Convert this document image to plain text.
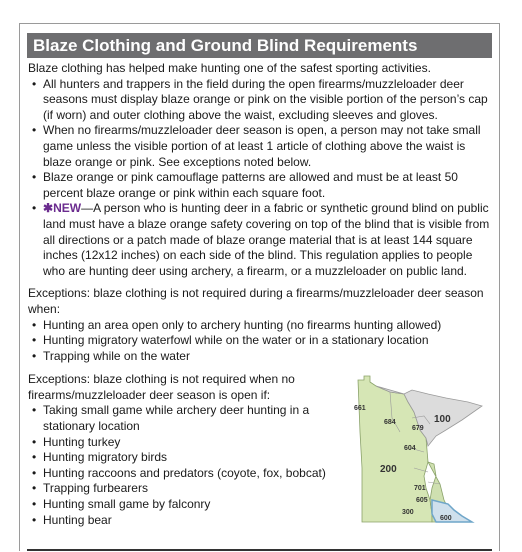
Blaze Clothing and Ground Blind Requirements

Blaze clothing has helped make hunting one of the safest sporting activities.

• All hunters and trappers in the field during the open firearms/muzzleloader deer seasons must display blaze orange or pink on the visible portion of the person’s cap (if worn) and outer clothing above the waist, excluding sleeves and gloves.
• When no firearms/muzzleloader deer season is open, a person may not take small game unless the visible portion of at least 1 article of clothing above the waist is blaze orange or pink. See exceptions noted below.
• Blaze orange or pink camouflage patterns are allowed and must be at least 50 percent blaze orange or pink within each square foot.
• ✱NEW—A person who is hunting deer in a fabric or synthetic ground blind on public land must have a blaze orange safety covering on top of the blind that is visible from all directions or a patch made of blaze orange material that is at least 144 square inches (12x12 inches) on each side of the blind. This regulation applies to people who are hunting deer using archery, a firearm, or a muzzleloader on public land.

Exceptions: blaze clothing is not required during a firearms/muzzleloader deer season when:

• Hunting an area open only to archery hunting (no firearms hunting allowed)
• Hunting migratory waterfowl while on the water or in a stationary location
• Trapping while on the water

Exceptions: blaze clothing is not required when no firearms/muzzleloader deer season is open if:

• Taking small game while archery deer hunting in a stationary location
• Hunting turkey
• Hunting migratory birds
• Hunting raccoons and predators (coyote, fox, bobcat)
• Trapping furbearers
• Hunting small game by falconry
• Hunting bear
661
684
679
100
604
200
701
605
300
600
